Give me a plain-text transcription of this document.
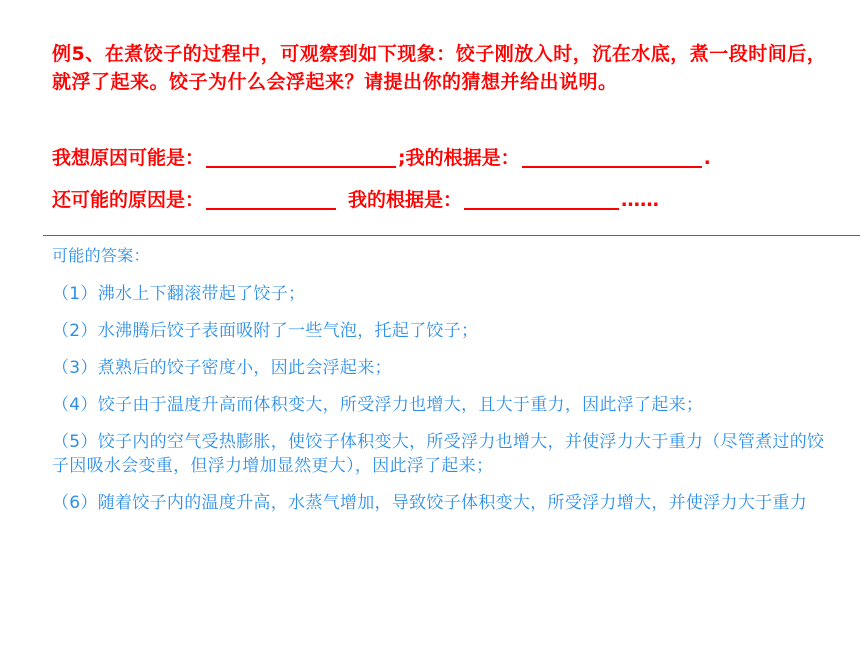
例5、在煮饺子的过程中，可观察到如下现象：饺子刚放入时，沉在水底，煮一段时间后，就浮了起来。饺子为什么会浮起来？请提出你的猜想并给出说明。
我想原因可能是：	;我的根据是：	.
还可能的原因是：	我的根据是：	……
可能的答案：
（1）沸水上下翻滚带起了饺子；
（2）水沸腾后饺子表面吸附了一些气泡，托起了饺子；
（3）煮熟后的饺子密度小，因此会浮起来；
（4）饺子由于温度升高而体积变大，所受浮力也增大，且大于重力，因此浮了起来；
（5）饺子内的空气受热膨胀，使饺子体积变大，所受浮力也增大，并使浮力大于重力（尽管煮过的饺子因吸水会变重，但浮力增加显然更大），因此浮了起来；
（6）随着饺子内的温度升高，水蒸气增加，导致饺子体积变大，所受浮力增大，并使浮力大于重力
